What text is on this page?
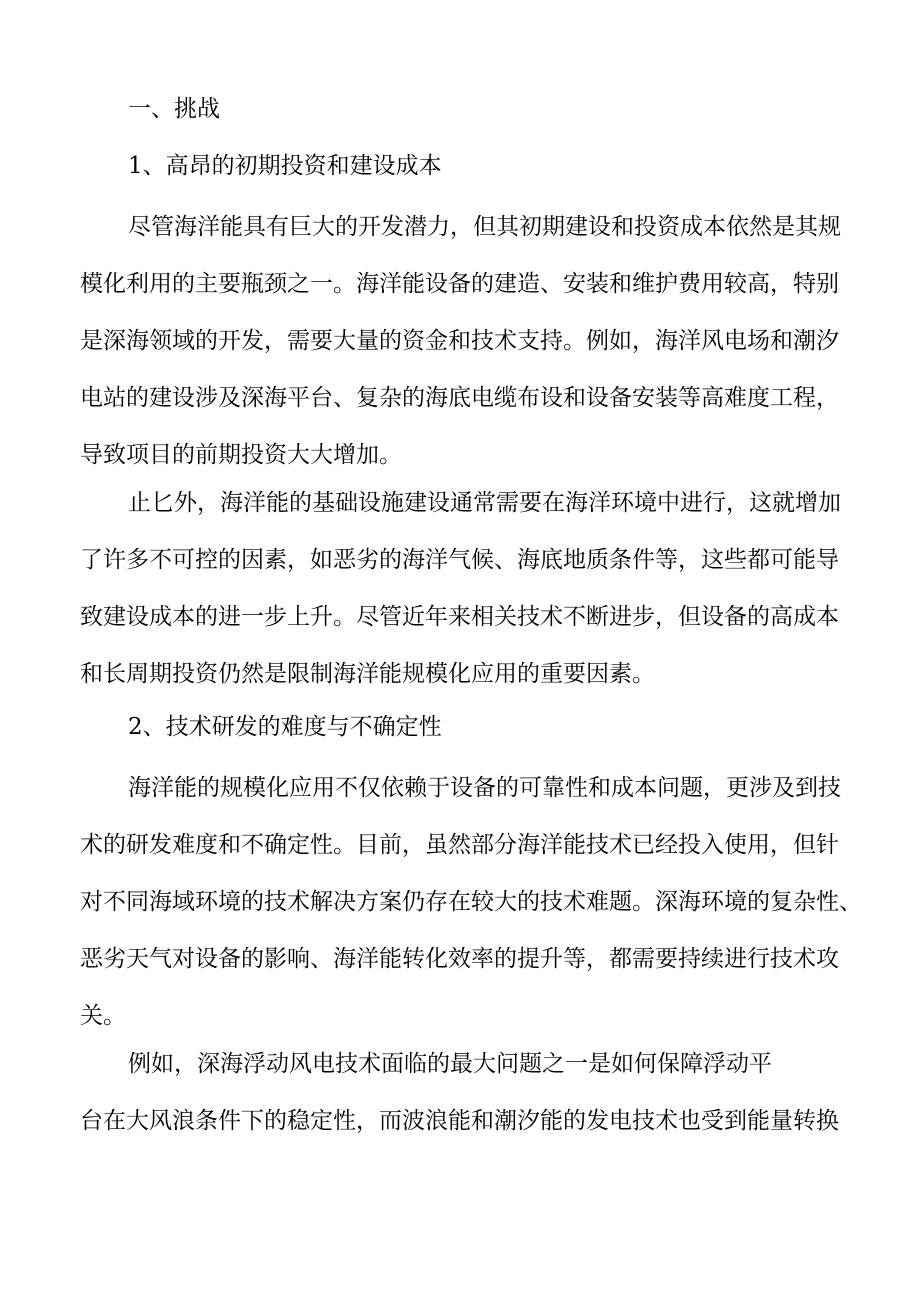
一、挑战
1、高昂的初期投资和建设成本
尽管海洋能具有巨大的开发潜力，但其初期建设和投资成本依然是其规
模化利用的主要瓶颈之一。海洋能设备的建造、安装和维护费用较高，特别
是深海领域的开发，需要大量的资金和技术支持。例如，海洋风电场和潮汐
电站的建设涉及深海平台、复杂的海底电缆布设和设备安装等高难度工程，
导致项目的前期投资大大增加。
止匕外，海洋能的基础设施建设通常需要在海洋环境中进行，这就增加
了许多不可控的因素，如恶劣的海洋气候、海底地质条件等，这些都可能导
致建设成本的进一步上升。尽管近年来相关技术不断进步，但设备的高成本
和长周期投资仍然是限制海洋能规模化应用的重要因素。
2、技术研发的难度与不确定性
海洋能的规模化应用不仅依赖于设备的可靠性和成本问题，更涉及到技
术的研发难度和不确定性。目前，虽然部分海洋能技术已经投入使用，但针
对不同海域环境的技术解决方案仍存在较大的技术难题。深海环境的复杂性、
恶劣天气对设备的影响、海洋能转化效率的提升等，都需要持续进行技术攻
关。
例如，深海浮动风电技术面临的最大问题之一是如何保障浮动平
台在大风浪条件下的稳定性，而波浪能和潮汐能的发电技术也受到能量转换
